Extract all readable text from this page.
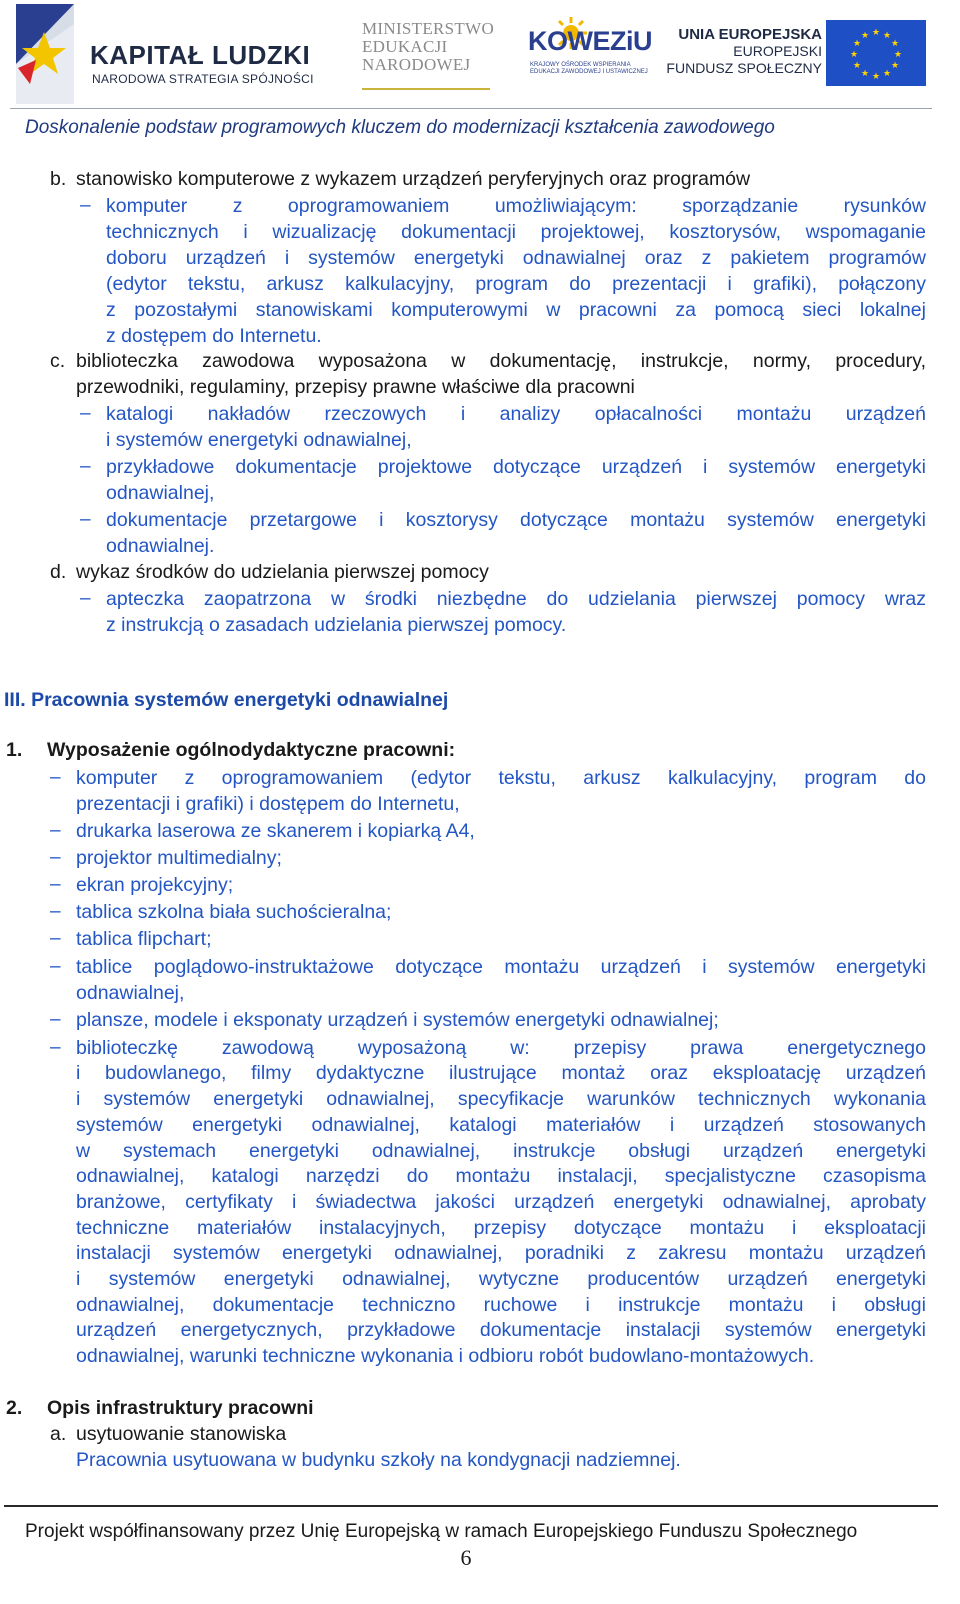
KAPITAŁ LUDZKI
NARODOWA STRATEGIA SPÓJNOŚCI
MINISTERSTWO
EDUKACJI
NARODOWEJ
KOWEZiU
KRAJOWY OŚRODEK WSPIERANIA
EDUKACJI ZAWODOWEJ I USTAWICZNEJ
UNIA EUROPEJSKA
EUROPEJSKI
FUNDUSZ SPOŁECZNY
★ ★
★
★
★
★
★
★
★
★
★
★
Doskonalenie podstaw programowych kluczem do modernizacji kształcenia zawodowego
b. stanowisko komputerowe z wykazem urządzeń peryferyjnych oraz programów
– komputer z oprogramowaniem umożliwiającym: sporządzanie rysunków
technicznych i wizualizację dokumentacji projektowej, kosztorysów, wspomaganie
doboru urządzeń i systemów energetyki odnawialnej oraz z pakietem programów
(edytor tekstu, arkusz kalkulacyjny, program do prezentacji i grafiki), połączony
z pozostałymi stanowiskami komputerowymi w pracowni za pomocą sieci lokalnej
z dostępem do Internetu.
c. biblioteczka zawodowa wyposażona w dokumentację, instrukcje, normy, procedury,
przewodniki, regulaminy, przepisy prawne właściwe dla pracowni
– katalogi nakładów rzeczowych i analizy opłacalności montażu urządzeń
i systemów energetyki odnawialnej,
– przykładowe dokumentacje projektowe dotyczące urządzeń i systemów energetyki
odnawialnej,
– dokumentacje przetargowe i kosztorysy dotyczące montażu systemów energetyki
odnawialnej.
d. wykaz środków do udzielania pierwszej pomocy
– apteczka zaopatrzona w środki niezbędne do udzielania pierwszej pomocy wraz
z instrukcją o zasadach udzielania pierwszej pomocy.
III. Pracownia systemów energetyki odnawialnej
1. Wyposażenie ogólnodydaktyczne pracowni:
– komputer z oprogramowaniem (edytor tekstu, arkusz kalkulacyjny, program do
prezentacji i grafiki) i dostępem do Internetu,
– drukarka laserowa ze skanerem i kopiarką A4,
– projektor multimedialny;
– ekran projekcyjny;
– tablica szkolna biała suchościeralna;
– tablica flipchart;
– tablice poglądowo-instruktażowe dotyczące montażu urządzeń i systemów energetyki
odnawialnej,
– plansze, modele i eksponaty urządzeń i systemów energetyki odnawialnej;
– biblioteczkę zawodową wyposażoną w: przepisy prawa energetycznego
i budowlanego, filmy dydaktyczne ilustrujące montaż oraz eksploatację urządzeń
i systemów energetyki odnawialnej, specyfikacje warunków technicznych wykonania
systemów energetyki odnawialnej, katalogi materiałów i urządzeń stosowanych
w systemach energetyki odnawialnej, instrukcje obsługi urządzeń energetyki
odnawialnej, katalogi narzędzi do montażu instalacji, specjalistyczne czasopisma
branżowe, certyfikaty i świadectwa jakości urządzeń energetyki odnawialnej, aprobaty
techniczne materiałów instalacyjnych, przepisy dotyczące montażu i eksploatacji
instalacji systemów energetyki odnawialnej, poradniki z zakresu montażu urządzeń
i systemów energetyki odnawialnej, wytyczne producentów urządzeń energetyki
odnawialnej, dokumentacje techniczno ruchowe i instrukcje montażu i obsługi
urządzeń energetycznych, przykładowe dokumentacje instalacji systemów energetyki
odnawialnej, warunki techniczne wykonania i odbioru robót budowlano-montażowych.
2. Opis infrastruktury pracowni
a. usytuowanie stanowiska
Pracownia usytuowana w budynku szkoły na kondygnacji nadziemnej.
Projekt współfinansowany przez Unię Europejską w ramach Europejskiego Funduszu Społecznego
6
